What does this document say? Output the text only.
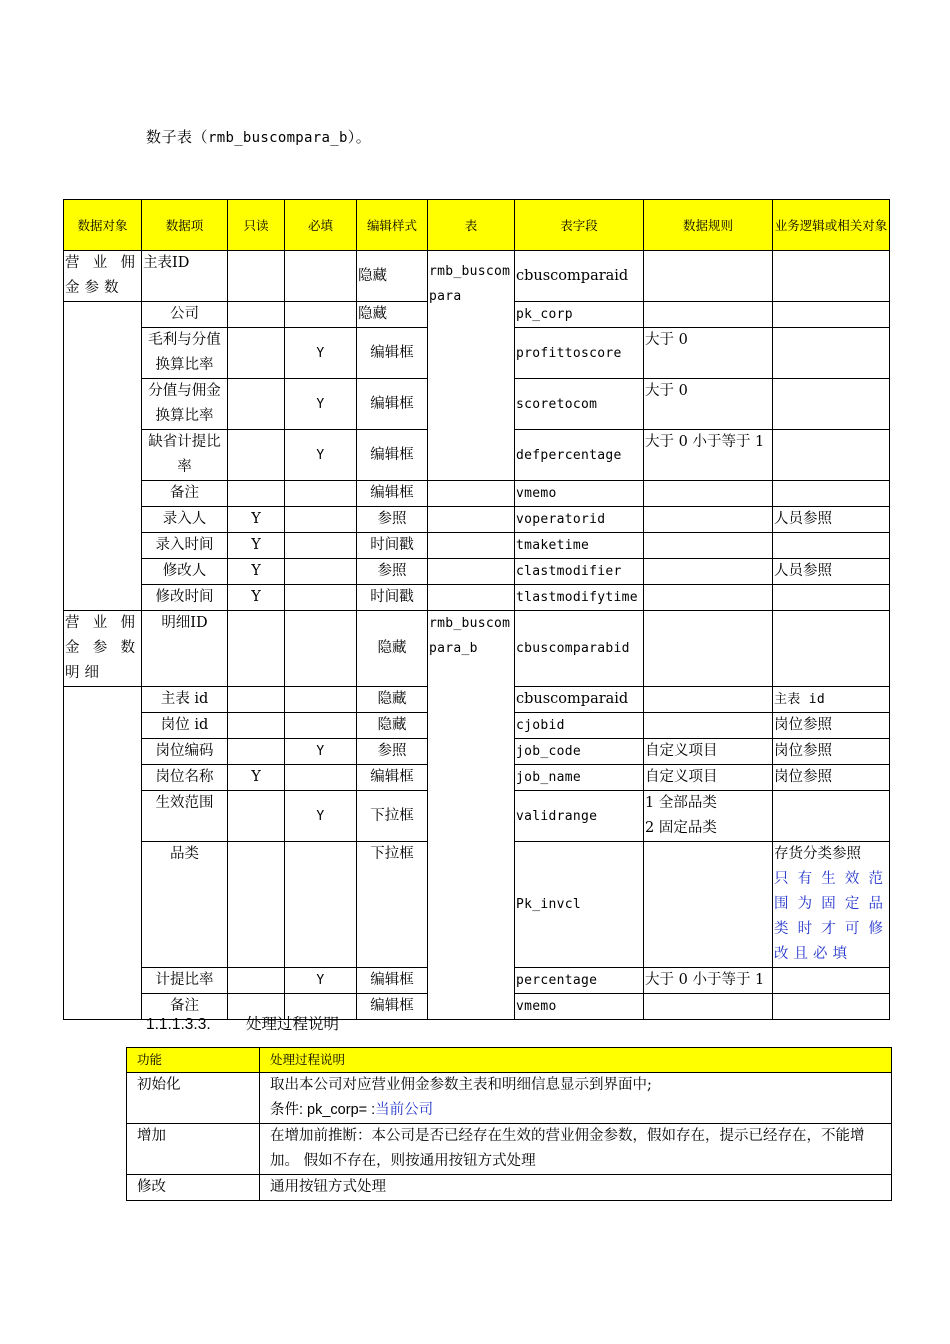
数子表（rmb_buscompara_b）。
数据对象	数据项	只读	必填	编辑样式	表	表字段	数据规则	业务逻辑或相关对象
营业佣金参数	主表ID			隐藏	rmb_buscompara	cbuscomparaid		
	公司			隐藏		pk_corp		
	毛利与分值换算比率		Y	编辑框		profittoscore	大于 0	
	分值与佣金换算比率		Y	编辑框		scoretocom	大于 0	
	缺省计提比率		Y	编辑框		defpercentage	大于 0 小于等于 1	
	备注			编辑框		vmemo		
	录入人	Y		参照		voperatorid		人员参照
	录入时间	Y		时间戳		tmaketime		
	修改人	Y		参照		clastmodifier		人员参照
	修改时间	Y		时间戳		tlastmodifytime		
营业佣金参数明细	明细ID			隐藏	rmb_buscompara_b	cbuscomparabid		
	主表 id			隐藏		cbuscomparaid		主表 id
	岗位 id			隐藏		cjobid		岗位参照
	岗位编码		Y	参照		job_code	自定义项目	岗位参照
	岗位名称	Y		编辑框		job_name	自定义项目	岗位参照
	生效范围		Y	下拉框		validrange	1 全部品类
2 固定品类	

	品类			下拉框		Pk_invcl		存货分类参照
只有生效范围为固定品类时才可修改且必填

	计提比率		Y	编辑框		percentage	大于 0 小于等于 1	
	备注			编辑框		vmemo		
1.1.1.3.3. 处理过程说明
功能	处理过程说明
初始化	取出本公司对应营业佣金参数主表和明细信息显示到界面中;
条件: pk_corp= :当前公司

增加	在增加前推断：本公司是否已经存在生效的营业佣金参数，假如存在，提示已经存在，不能增加。 假如不存在，则按通用按钮方式处理
修改	通用按钮方式处理
